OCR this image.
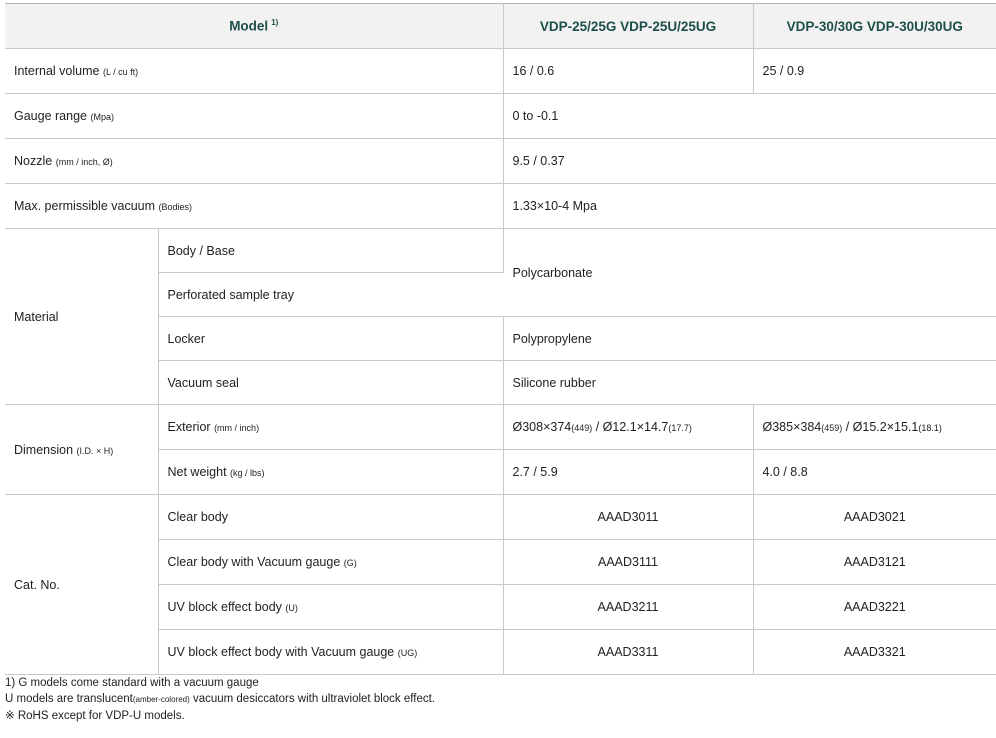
Model $^{1)}$		VDP-25/25G VDP-25U/25UG	VDP-30/30G VDP-30U/30UG
Internal volume (L / cu ft)		16 / 0.6	25 / 0.9
Gauge range (Mpa)		0 to -0.1	
Nozzle (mm / inch, Ø)		9.5 / 0.37	
Max. permissible vacuum (Bodies)		1.33×10-4 Mpa	
Material	Body / Base	Polycarbonate	
	Perforated sample tray		
	Locker	Polypropylene	
	Vacuum seal	Silicone rubber	
Dimension (I.D. × H)	Exterior (mm / inch)	Ø308×374(449) / Ø12.1×14.7(17.7)	Ø385×384(459) / Ø15.2×15.1(18.1)
	Net weight (kg / lbs)	2.7 / 5.9	4.0 / 8.8
Cat. No.	Clear body	AAAD3011	AAAD3021
	Clear body with Vacuum gauge (G)	AAAD3111	AAAD3121
	UV block effect body (U)	AAAD3211	AAAD3221
	UV block effect body with Vacuum gauge (UG)	AAAD3311	AAAD3321
1) G models come standard with a vacuum gauge
U models are translucent(amber-colored) vacuum desiccators with ultraviolet block effect.
※ RoHS except for VDP-U models.
